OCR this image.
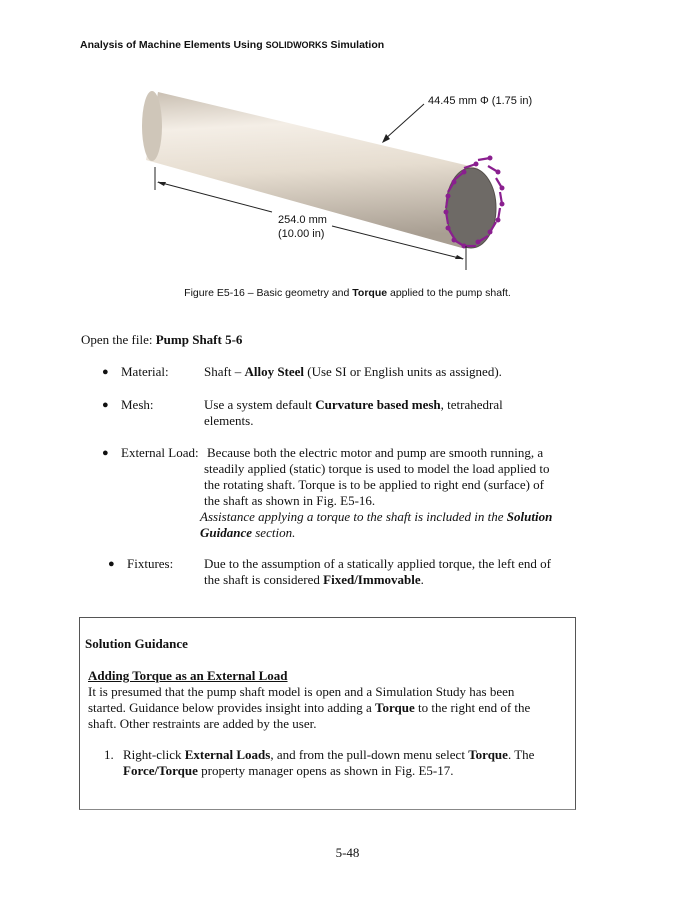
Analysis of Machine Elements Using SOLIDWORKS Simulation
44.45 mm Φ (1.75 in)
254.0 mm
(10.00 in)
Figure E5-16 – Basic geometry and Torque applied to the pump shaft.
Open the file: Pump Shaft 5-6
● Material:	Shaft – Alloy Steel (Use SI or English units as assigned).
● Mesh:	Use a system default Curvature based mesh, tetrahedral
elements.
● External Load: Because both the electric motor and pump are smooth running, a
steadily applied (static) torque is used to model the load applied to
the rotating shaft. Torque is to be applied to right end (surface) of
the shaft as shown in Fig. E5-16.
Assistance applying a torque to the shaft is included in the Solution
Guidance section.
● Fixtures: Due to the assumption of a statically applied torque, the left end of
the shaft is considered Fixed/Immovable.
Solution Guidance
Adding Torque as an External Load
It is presumed that the pump shaft model is open and a Simulation Study has been
started. Guidance below provides insight into adding a Torque to the right end of the
shaft. Other restraints are added by the user.
1. Right-click External Loads, and from the pull-down menu select Torque. The
Force/Torque property manager opens as shown in Fig. E5-17.
5-48
